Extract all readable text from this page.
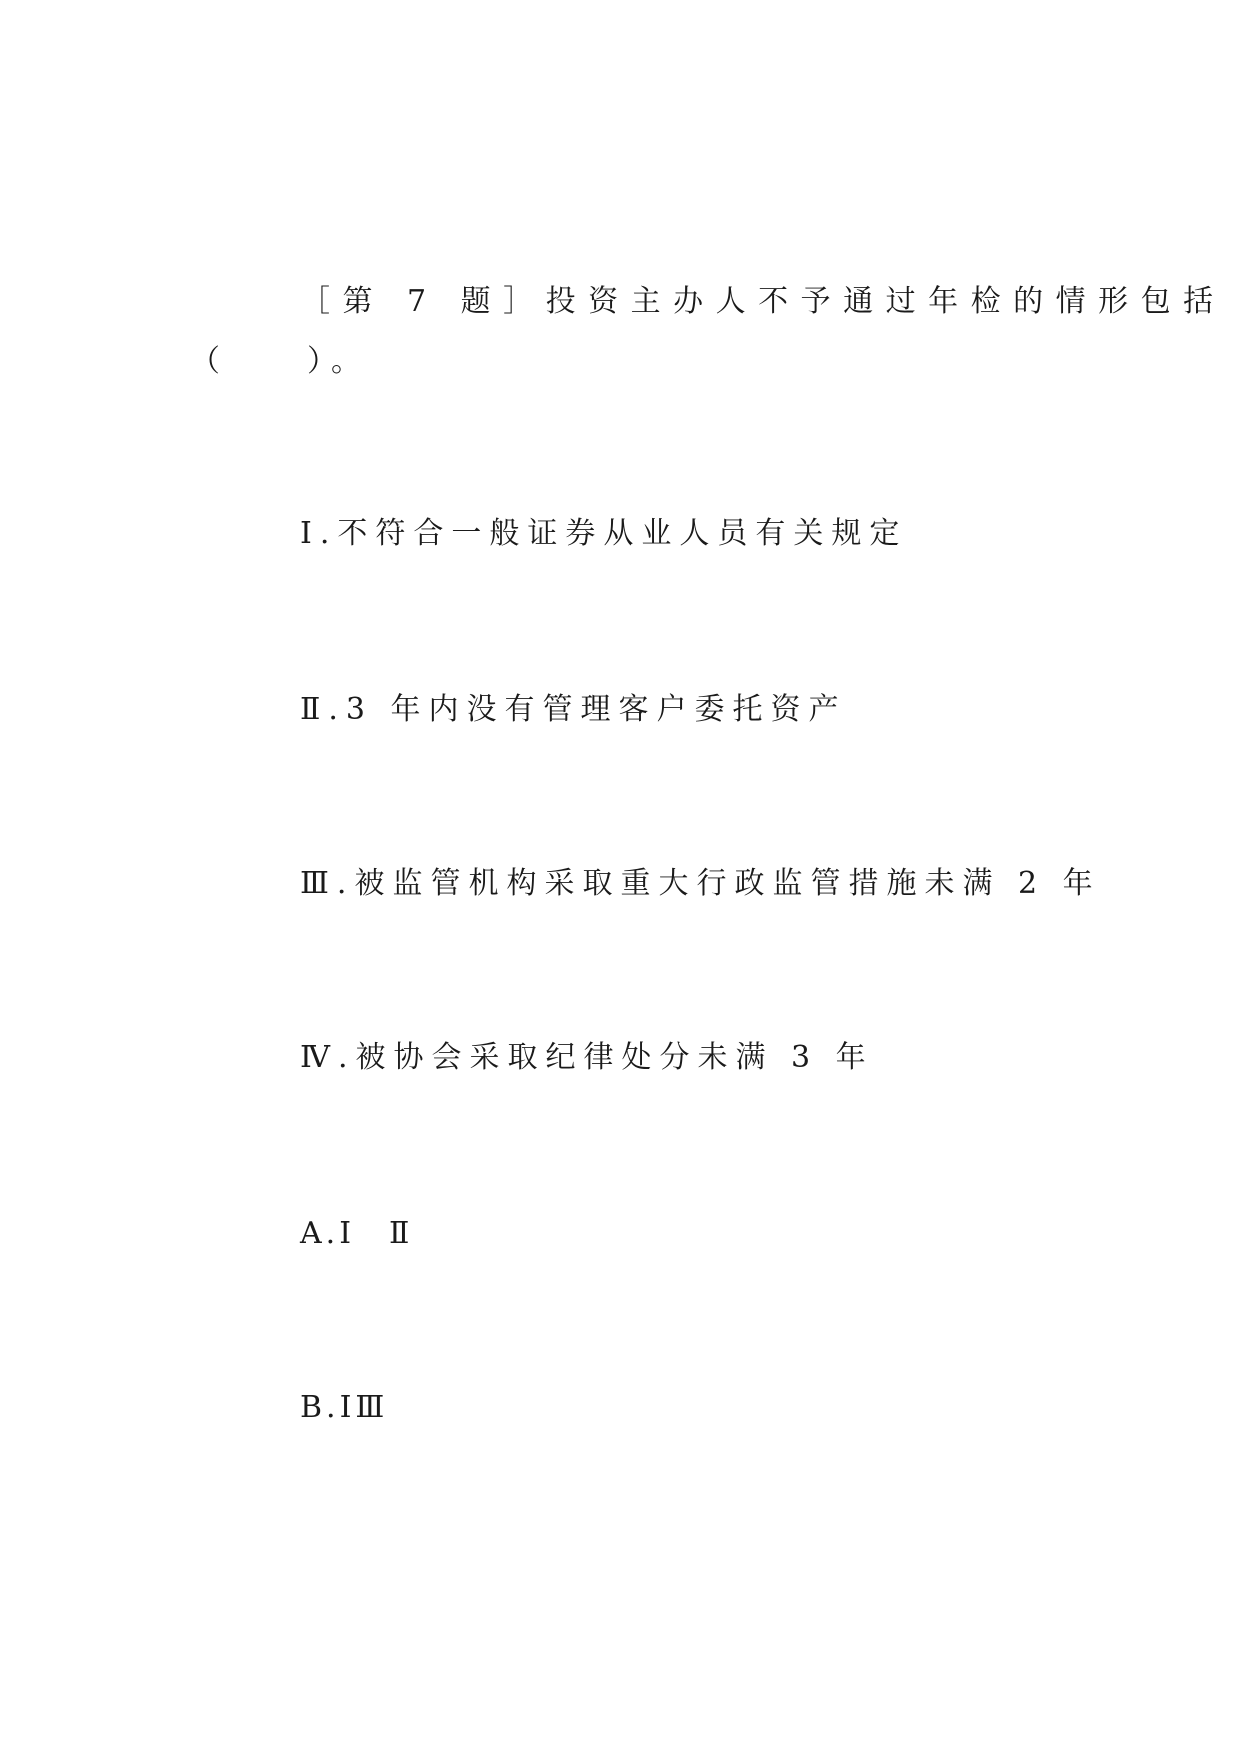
［第 7 题］投资主办人不予通过年检的情形包括
（　　）。
Ⅰ.不符合一般证券从业人员有关规定
Ⅱ.3 年内没有管理客户委托资产
Ⅲ.被监管机构采取重大行政监管措施未满 2 年
Ⅳ.被协会采取纪律处分未满 3 年
A.Ⅰ　Ⅱ
B.ⅠⅢ
